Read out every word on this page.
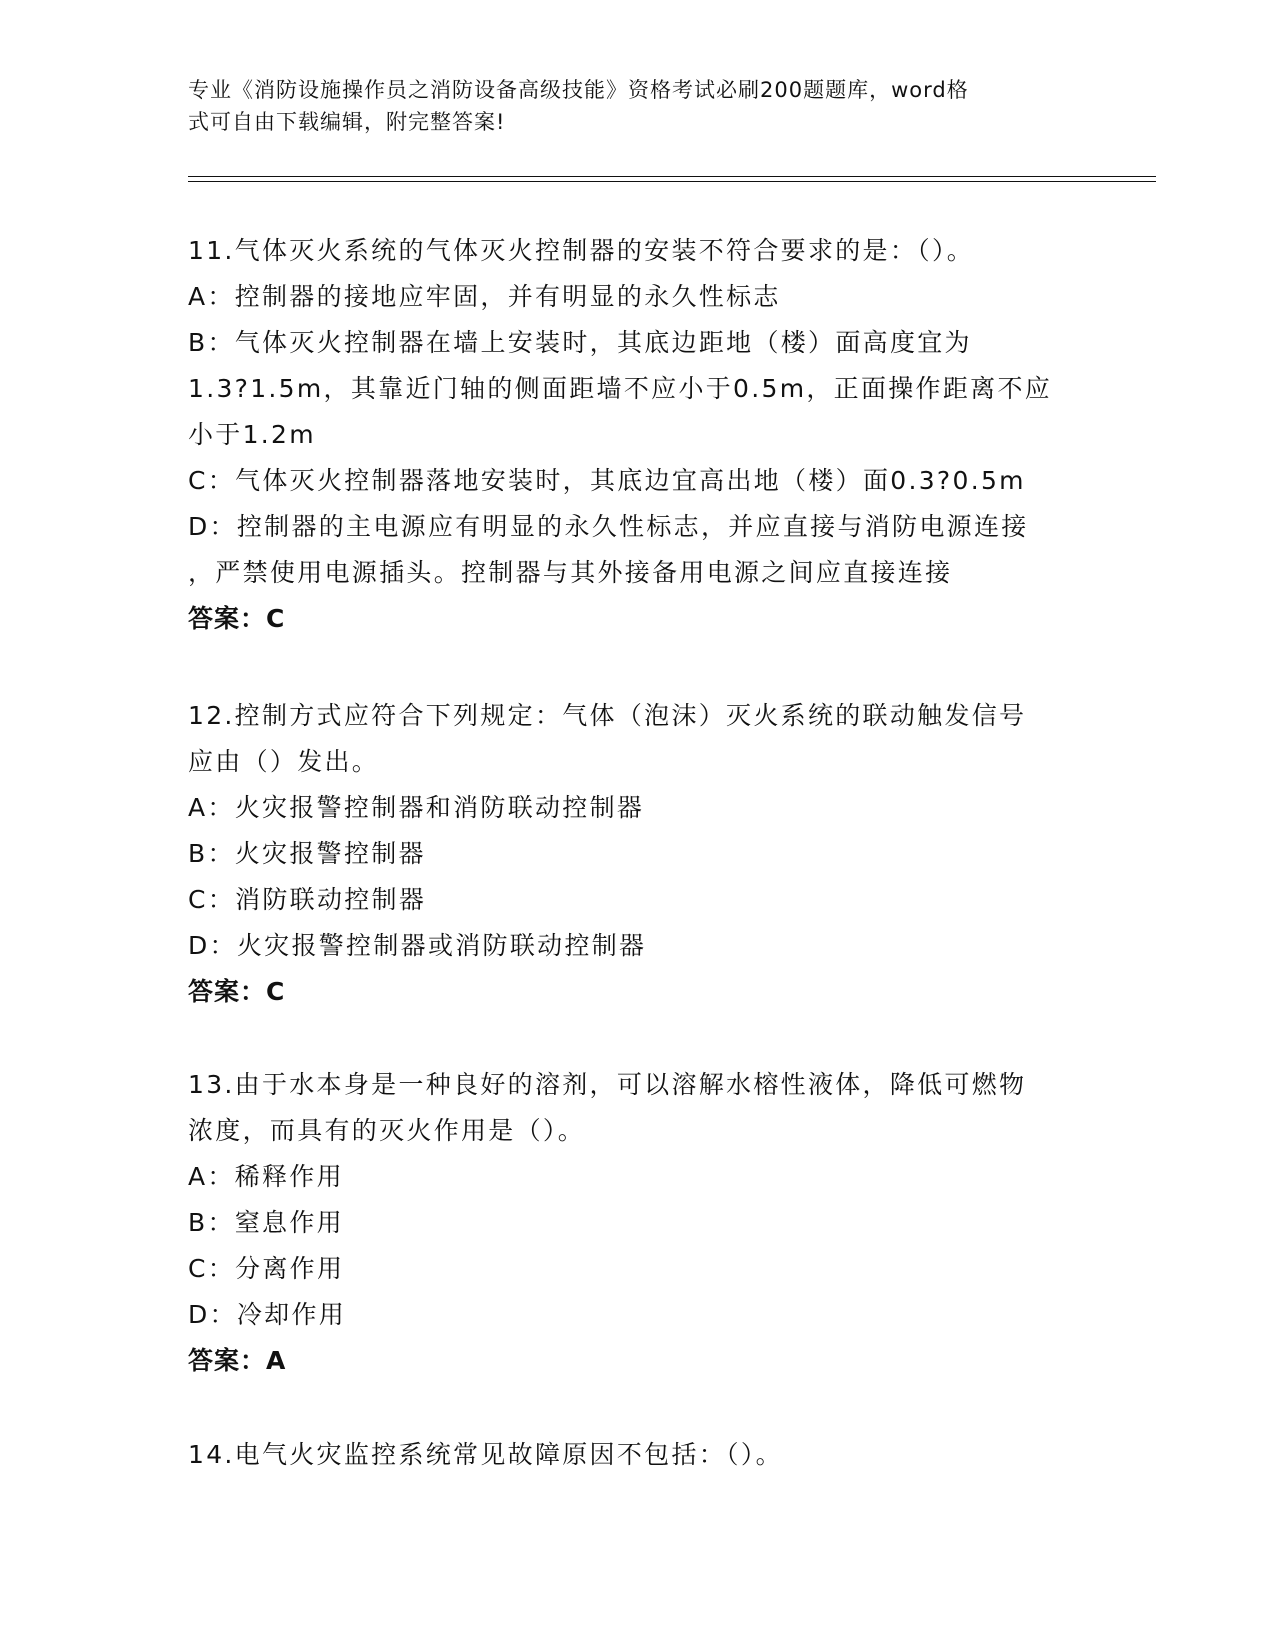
专业《消防设施操作员之消防设备高级技能》资格考试必刷200题题库，word格
式可自由下载编辑，附完整答案!
11.气体灭火系统的气体灭火控制器的安装不符合要求的是：（）。
A：控制器的接地应牢固，并有明显的永久性标志
B：气体灭火控制器在墙上安装时，其底边距地（楼）面高度宜为
1.3?1.5m，其靠近门轴的侧面距墙不应小于0.5m，正面操作距离不应
小于1.2m
C：气体灭火控制器落地安装时，其底边宜高出地（楼）面0.3?0.5m
D：控制器的主电源应有明显的永久性标志，并应直接与消防电源连接
，严禁使用电源插头。控制器与其外接备用电源之间应直接连接
答案：C
12.控制方式应符合下列规定：气体（泡沫）灭火系统的联动触发信号
应由（）发出。
A：火灾报警控制器和消防联动控制器
B：火灾报警控制器
C：消防联动控制器
D：火灾报警控制器或消防联动控制器
答案：C
13.由于水本身是一种良好的溶剂，可以溶解水榕性液体，降低可燃物
浓度，而具有的灭火作用是（）。
A：稀释作用
B：窒息作用
C：分离作用
D：冷却作用
答案：A
14.电气火灾监控系统常见故障原因不包括：（）。
